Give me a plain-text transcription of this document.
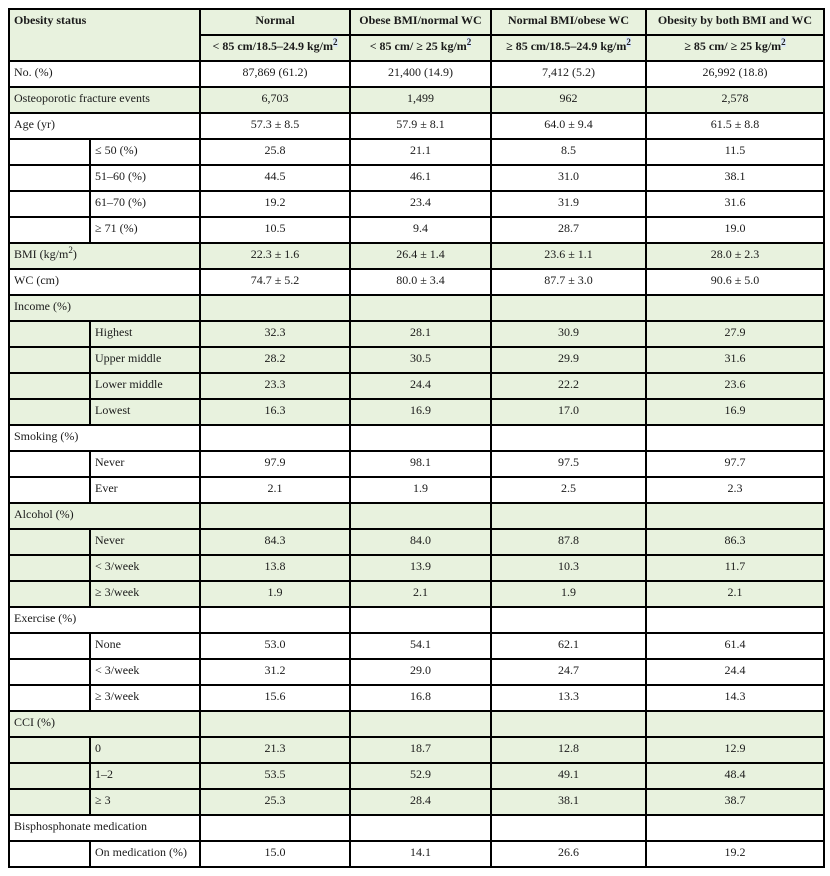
Obesity status		Normal	Obese BMI/normal WC	Normal BMI/obese WC	Obesity by both BMI and WC
		< 85 cm/18.5–24.9 $kg/m^2$	< 85 cm/ ≥ 25 $kg/m^2$	≥ 85 cm/18.5–24.9 $kg/m^2$	≥ 85 cm/ ≥ 25 $kg/m^2$
No. (%)		87,869 (61.2)	21,400 (14.9)	7,412 (5.2)	26,992 (18.8)
Osteoporotic fracture events		6,703	1,499	962	2,578
Age (yr)		57.3 ± 8.5	57.9 ± 8.1	64.0 ± 9.4	61.5 ± 8.8
	≤ 50 (%)	25.8	21.1	8.5	11.5
	51–60 (%)	44.5	46.1	31.0	38.1
	61–70 (%)	19.2	23.4	31.9	31.6
	≥ 71 (%)	10.5	9.4	28.7	19.0
BMI $(kg/m^2)$		22.3 ± 1.6	26.4 ± 1.4	23.6 ± 1.1	28.0 ± 2.3
WC (cm)		74.7 ± 5.2	80.0 ± 3.4	87.7 ± 3.0	90.6 ± 5.0
Income (%)					
	Highest	32.3	28.1	30.9	27.9
	Upper middle	28.2	30.5	29.9	31.6
	Lower middle	23.3	24.4	22.2	23.6
	Lowest	16.3	16.9	17.0	16.9
Smoking (%)					
	Never	97.9	98.1	97.5	97.7
	Ever	2.1	1.9	2.5	2.3
Alcohol (%)					
	Never	84.3	84.0	87.8	86.3
	< 3/week	13.8	13.9	10.3	11.7
	≥ 3/week	1.9	2.1	1.9	2.1
Exercise (%)					
	None	53.0	54.1	62.1	61.4
	< 3/week	31.2	29.0	24.7	24.4
	≥ 3/week	15.6	16.8	13.3	14.3
CCI (%)					
	0	21.3	18.7	12.8	12.9
	1–2	53.5	52.9	49.1	48.4
	≥ 3	25.3	28.4	38.1	38.7
Bisphosphonate medication					
	On medication (%)	15.0	14.1	26.6	19.2
